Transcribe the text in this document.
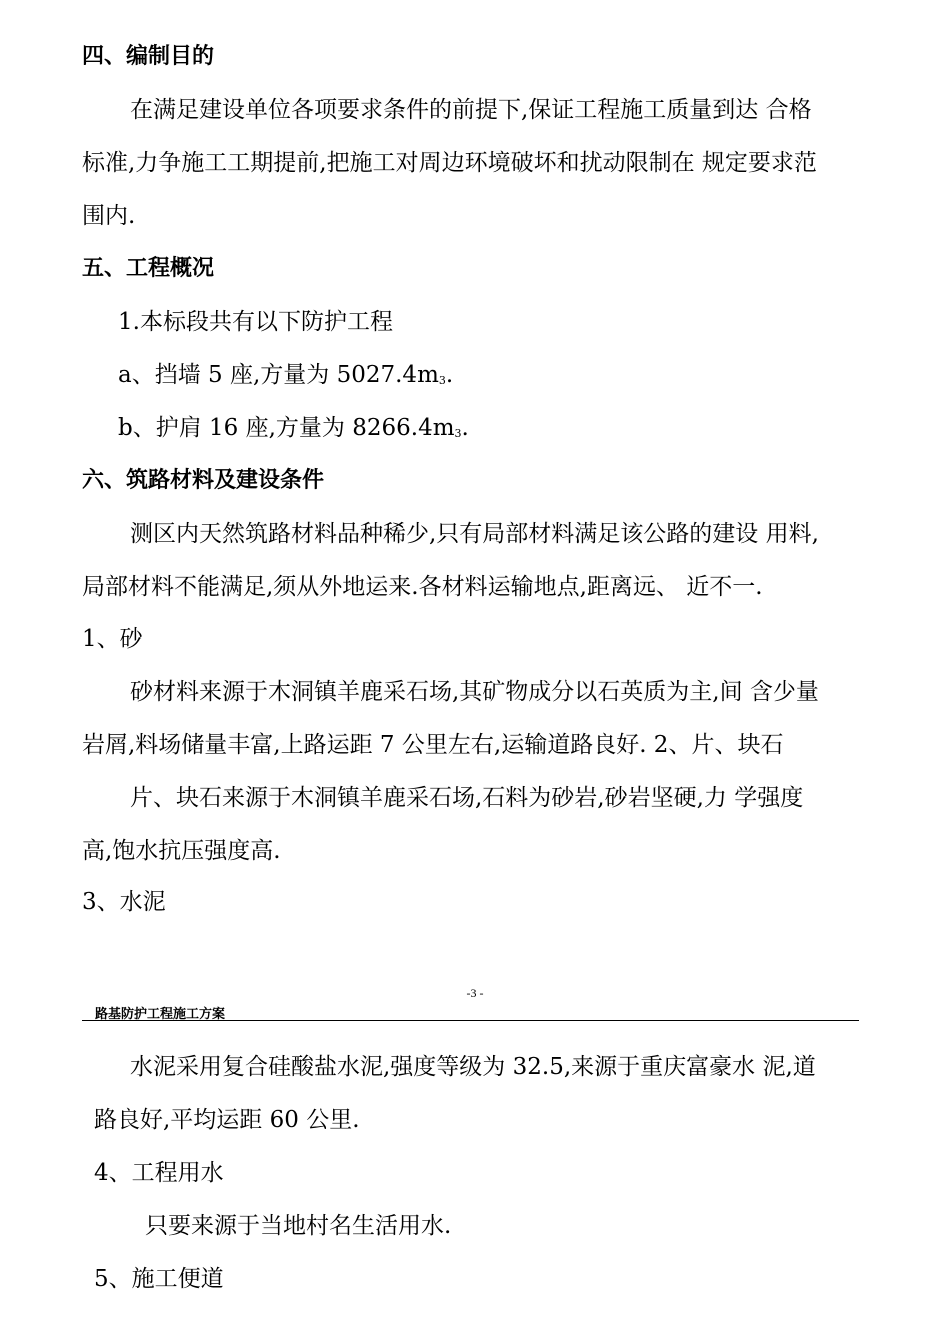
四、编制目的
在满足建设单位各项要求条件的前提下,保证工程施工质量到达 合格
标准,力争施工工期提前,把施工对周边环境破坏和扰动限制在 规定要求范
围内.
五、工程概况
1.本标段共有以下防护工程
a、挡墙 5 座,方量为 5027.4m3.
b、护肩 16 座,方量为 8266.4m3.
六、筑路材料及建设条件
测区内天然筑路材料品种稀少,只有局部材料满足该公路的建设 用料,
局部材料不能满足,须从外地运来.各材料运输地点,距离远、 近不一.
1、砂
砂材料来源于木洞镇羊鹿采石场,其矿物成分以石英质为主,间 含少量
岩屑,料场储量丰富,上路运距 7 公里左右,运输道路良好. 2、片、块石
片、块石来源于木洞镇羊鹿采石场,石料为砂岩,砂岩坚硬,力 学强度
高,饱水抗压强度高.
3、水泥
-3 -
路基防护工程施工方案
水泥采用复合硅酸盐水泥,强度等级为 32.5,来源于重庆富豪水 泥,道
路良好,平均运距 60 公里.
4、工程用水
只要来源于当地村名生活用水.
5、施工便道
